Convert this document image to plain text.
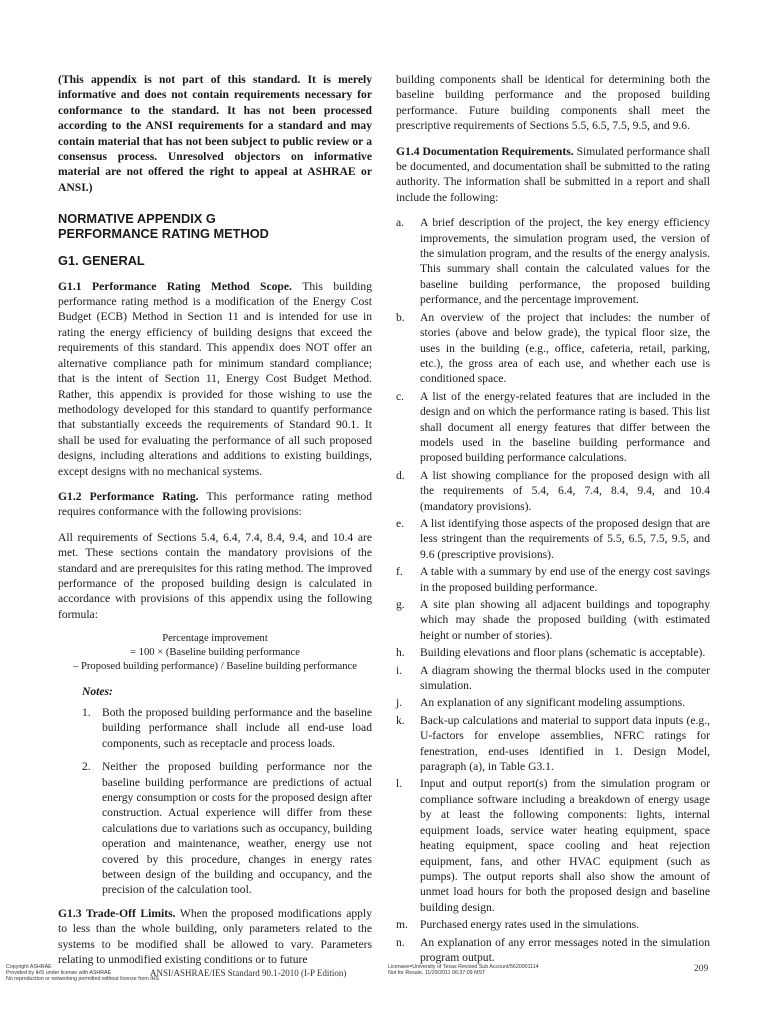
(This appendix is not part of this standard. It is merely informative and does not contain requirements necessary for conformance to the standard. It has not been processed according to the ANSI requirements for a standard and may contain material that has not been subject to public review or a consensus process. Unresolved objectors on informative material are not offered the right to appeal at ASHRAE or ANSI.)

NORMATIVE APPENDIX G
PERFORMANCE RATING METHOD
G1. GENERAL

G1.1 Performance Rating Method Scope. This building performance rating method is a modification of the Energy Cost Budget (ECB) Method in Section 11 and is intended for use in rating the energy efficiency of building designs that exceed the requirements of this standard. This appendix does NOT offer an alternative compliance path for minimum standard compliance; that is the intent of Section 11, Energy Cost Budget Method. Rather, this appendix is provided for those wishing to use the methodology developed for this standard to quantify performance that substantially exceeds the requirements of Standard 90.1. It shall be used for evaluating the performance of all such proposed designs, including alterations and additions to existing buildings, except designs with no mechanical systems.

G1.2 Performance Rating. This performance rating method requires conformance with the following provisions:

All requirements of Sections 5.4, 6.4, 7.4, 8.4, 9.4, and 10.4 are met. These sections contain the mandatory provisions of the standard and are prerequisites for this rating method. The improved performance of the proposed building design is calculated in accordance with provisions of this appendix using the following formula:

Percentage improvement
= 100 × (Baseline building performance
– Proposed building performance) / Baseline building performance
Notes:
1. Both the proposed building performance and the baseline building performance shall include all end-use load components, such as receptacle and process loads.
2. Neither the proposed building performance nor the baseline building performance are predictions of actual energy consumption or costs for the proposed design after construction. Actual experience will differ from these calculations due to variations such as occupancy, building operation and maintenance, weather, energy use not covered by this procedure, changes in energy rates between design of the building and occupancy, and the precision of the calculation tool.

G1.3 Trade-Off Limits. When the proposed modifications apply to less than the whole building, only parameters related to the systems to be modified shall be allowed to vary. Parameters relating to unmodified existing conditions or to future

building components shall be identical for determining both the baseline building performance and the proposed building performance. Future building components shall meet the prescriptive requirements of Sections 5.5, 6.5, 7.5, 9.5, and 9.6.

G1.4 Documentation Requirements. Simulated performance shall be documented, and documentation shall be submitted to the rating authority. The information shall be submitted in a report and shall include the following:

a. A brief description of the project, the key energy efficiency improvements, the simulation program used, the version of the simulation program, and the results of the energy analysis. This summary shall contain the calculated values for the baseline building performance, the proposed building performance, and the percentage improvement.
b. An overview of the project that includes: the number of stories (above and below grade), the typical floor size, the uses in the building (e.g., office, cafeteria, retail, parking, etc.), the gross area of each use, and whether each use is conditioned space.
c. A list of the energy-related features that are included in the design and on which the performance rating is based. This list shall document all energy features that differ between the models used in the baseline building performance and proposed building performance calculations.
d. A list showing compliance for the proposed design with all the requirements of 5.4, 6.4, 7.4, 8.4, 9.4, and 10.4 (mandatory provisions).
e. A list identifying those aspects of the proposed design that are less stringent than the requirements of 5.5, 6.5, 7.5, 9.5, and 9.6 (prescriptive provisions).
f. A table with a summary by end use of the energy cost savings in the proposed building performance.
g. A site plan showing all adjacent buildings and topography which may shade the proposed building (with estimated height or number of stories).
h. Building elevations and floor plans (schematic is acceptable).
i. A diagram showing the thermal blocks used in the computer simulation.
j. An explanation of any significant modeling assumptions.
k. Back-up calculations and material to support data inputs (e.g., U-factors for envelope assemblies, NFRC ratings for fenestration, end-uses identified in 1. Design Model, paragraph (a), in Table G3.1.
l. Input and output report(s) from the simulation program or compliance software including a breakdown of energy usage by at least the following components: lights, internal equipment loads, service water heating equipment, space heating equipment, space cooling and heat rejection equipment, fans, and other HVAC equipment (such as pumps). The output reports shall also show the amount of unmet load hours for both the proposed design and baseline building design.
m. Purchased energy rates used in the simulations.
n. An explanation of any error messages noted in the simulation program output.
Copyright ASHRAE
Provided by IHS under license with ASHRAE
No reproduction or networking permitted without license from IHS
ANSI/ASHRAE/IES Standard 90.1-2010 (I-P Edition)
Licensee=University of Texas Revised Sub Account/5620001114
Not for Resale, 11/29/2011 06:37:09 MST	209
